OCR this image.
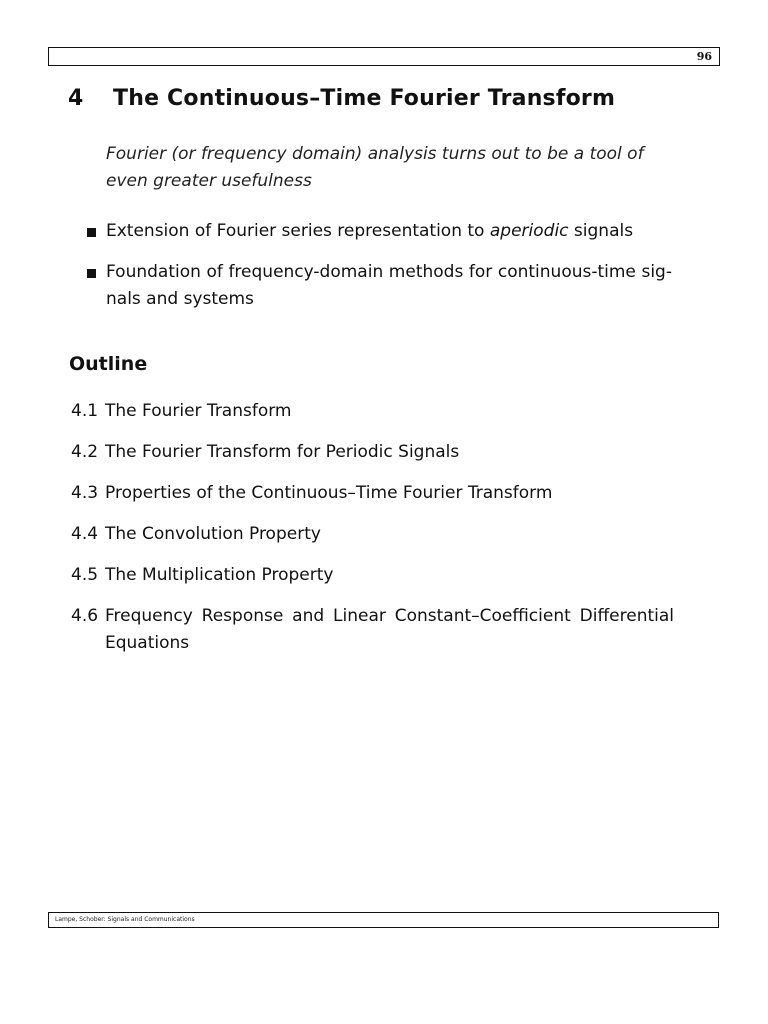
96
4 The Continuous–Time Fourier Transform
Fourier (or frequency domain) analysis turns out to be a tool of even greater usefulness
Extension of Fourier series representation to aperiodic signals
Foundation of frequency-domain methods for continuous-time sig-nals and systems
Outline
4.1 The Fourier Transform
4.2 The Fourier Transform for Periodic Signals
4.3 Properties of the Continuous–Time Fourier Transform
4.4 The Convolution Property
4.5 The Multiplication Property
4.6 Frequency Response and Linear Constant–Coefficient Differential Equations
Lampe, Schober: Signals and Communications
